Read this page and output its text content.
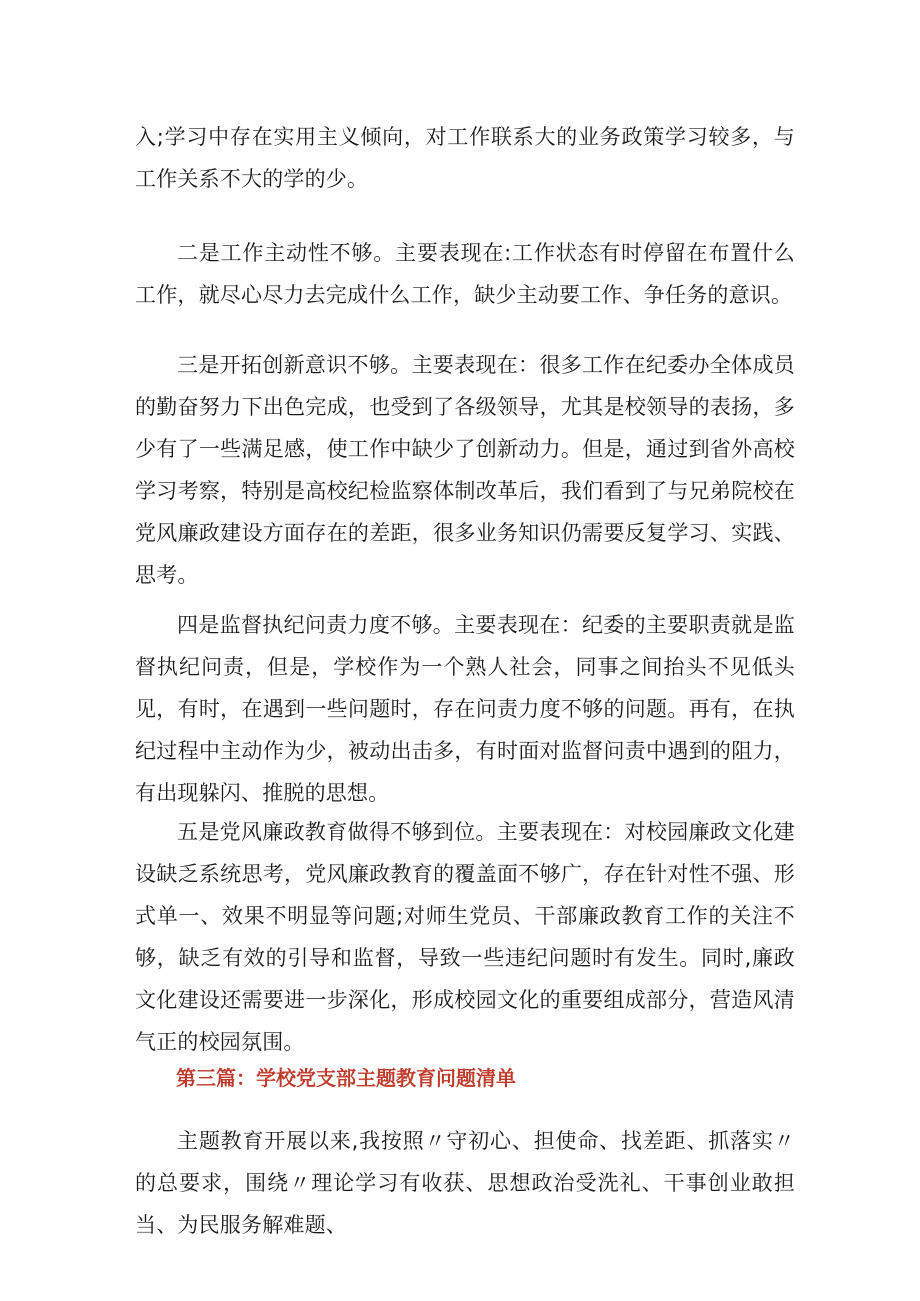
入;学习中存在实用主义倾向，对工作联系大的业务政策学习较多，与工作关系不大的学的少。

二是工作主动性不够。主要表现在:工作状态有时停留在布置什么工作，就尽心尽力去完成什么工作，缺少主动要工作、争任务的意识。

三是开拓创新意识不够。主要表现在：很多工作在纪委办全体成员的勤奋努力下出色完成，也受到了各级领导，尤其是校领导的表扬，多少有了一些满足感，使工作中缺少了创新动力。但是，通过到省外高校学习考察，特别是高校纪检监察体制改革后，我们看到了与兄弟院校在党风廉政建设方面存在的差距，很多业务知识仍需要反复学习、实践、思考。

四是监督执纪问责力度不够。主要表现在：纪委的主要职责就是监督执纪问责，但是，学校作为一个熟人社会，同事之间抬头不见低头见，有时，在遇到一些问题时，存在问责力度不够的问题。再有，在执纪过程中主动作为少，被动出击多，有时面对监督问责中遇到的阻力，有出现躲闪、推脱的思想。

五是党风廉政教育做得不够到位。主要表现在：对校园廉政文化建设缺乏系统思考，党风廉政教育的覆盖面不够广，存在针对性不强、形式单一、效果不明显等问题;对师生党员、干部廉政教育工作的关注不够，缺乏有效的引导和监督，导致一些违纪问题时有发生。同时,廉政文化建设还需要进一步深化，形成校园文化的重要组成部分，营造风清气正的校园氛围。

第三篇：学校党支部主题教育问题清单

主题教育开展以来,我按照〃守初心、担使命、找差距、抓落实〃的总要求，围绕〃理论学习有收获、思想政治受洗礼、干事创业敢担当、为民服务解难题、
